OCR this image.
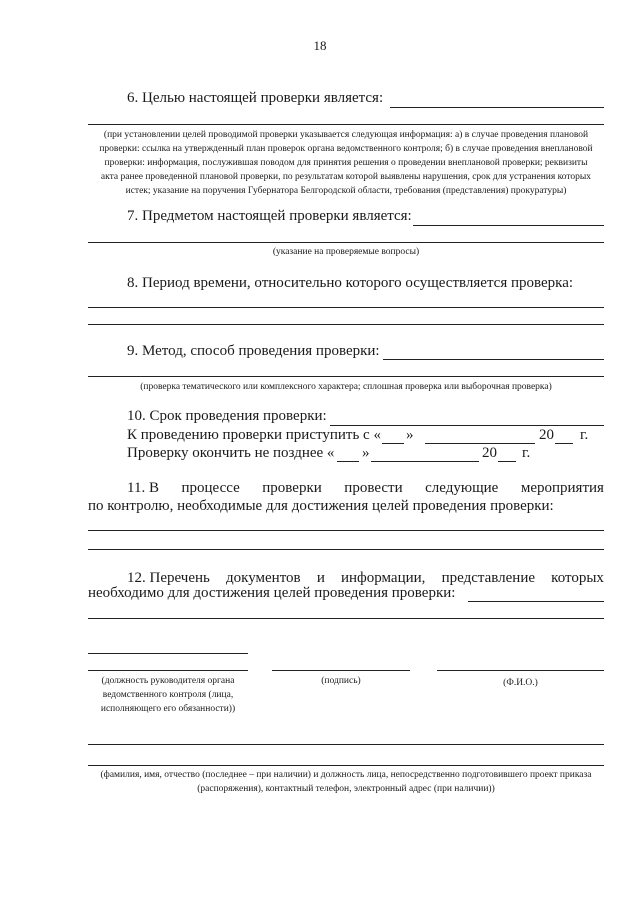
18
6. Целью настоящей проверки является:
(при установлении целей проводимой проверки указывается следующая информация: а) в случае проведения плановой
проверки: ссылка на утвержденный план проверок органа ведомственного контроля; б) в случае проведения внеплановой
проверки: информация, послужившая поводом для принятия решения о проведении внеплановой проверки; реквизиты
акта ранее проведенной плановой проверки, по результатам которой выявлены нарушения, срок для устранения которых
истек; указание на поручения Губернатора Белгородской области, требования (представления) прокуратуры)
7. Предметом настоящей проверки является:
(указание на проверяемые вопросы)
8. Период времени, относительно которого осуществляется проверка:
9. Метод, способ проведения проверки:
(проверка тематического или комплексного характера; сплошная проверка или выборочная проверка)
10. Срок проведения проверки:
К проведению проверки приступить с « »	20 г.
Проверку окончить не позднее « »	20 г.
11. В процессе проверки провести следующие мероприятия
по контролю, необходимые для достижения целей проведения проверки:
12. Перечень документов и информации, представление которых
необходимо для достижения целей проведения проверки:
(должность руководителя органа
ведомственного контроля (лица,
исполняющего его обязанности))
(подпись)	(Ф.И.О.)
(фамилия, имя, отчество (последнее – при наличии) и должность лица, непосредственно подготовившего проект приказа
(распоряжения), контактный телефон, электронный адрес (при наличии))
